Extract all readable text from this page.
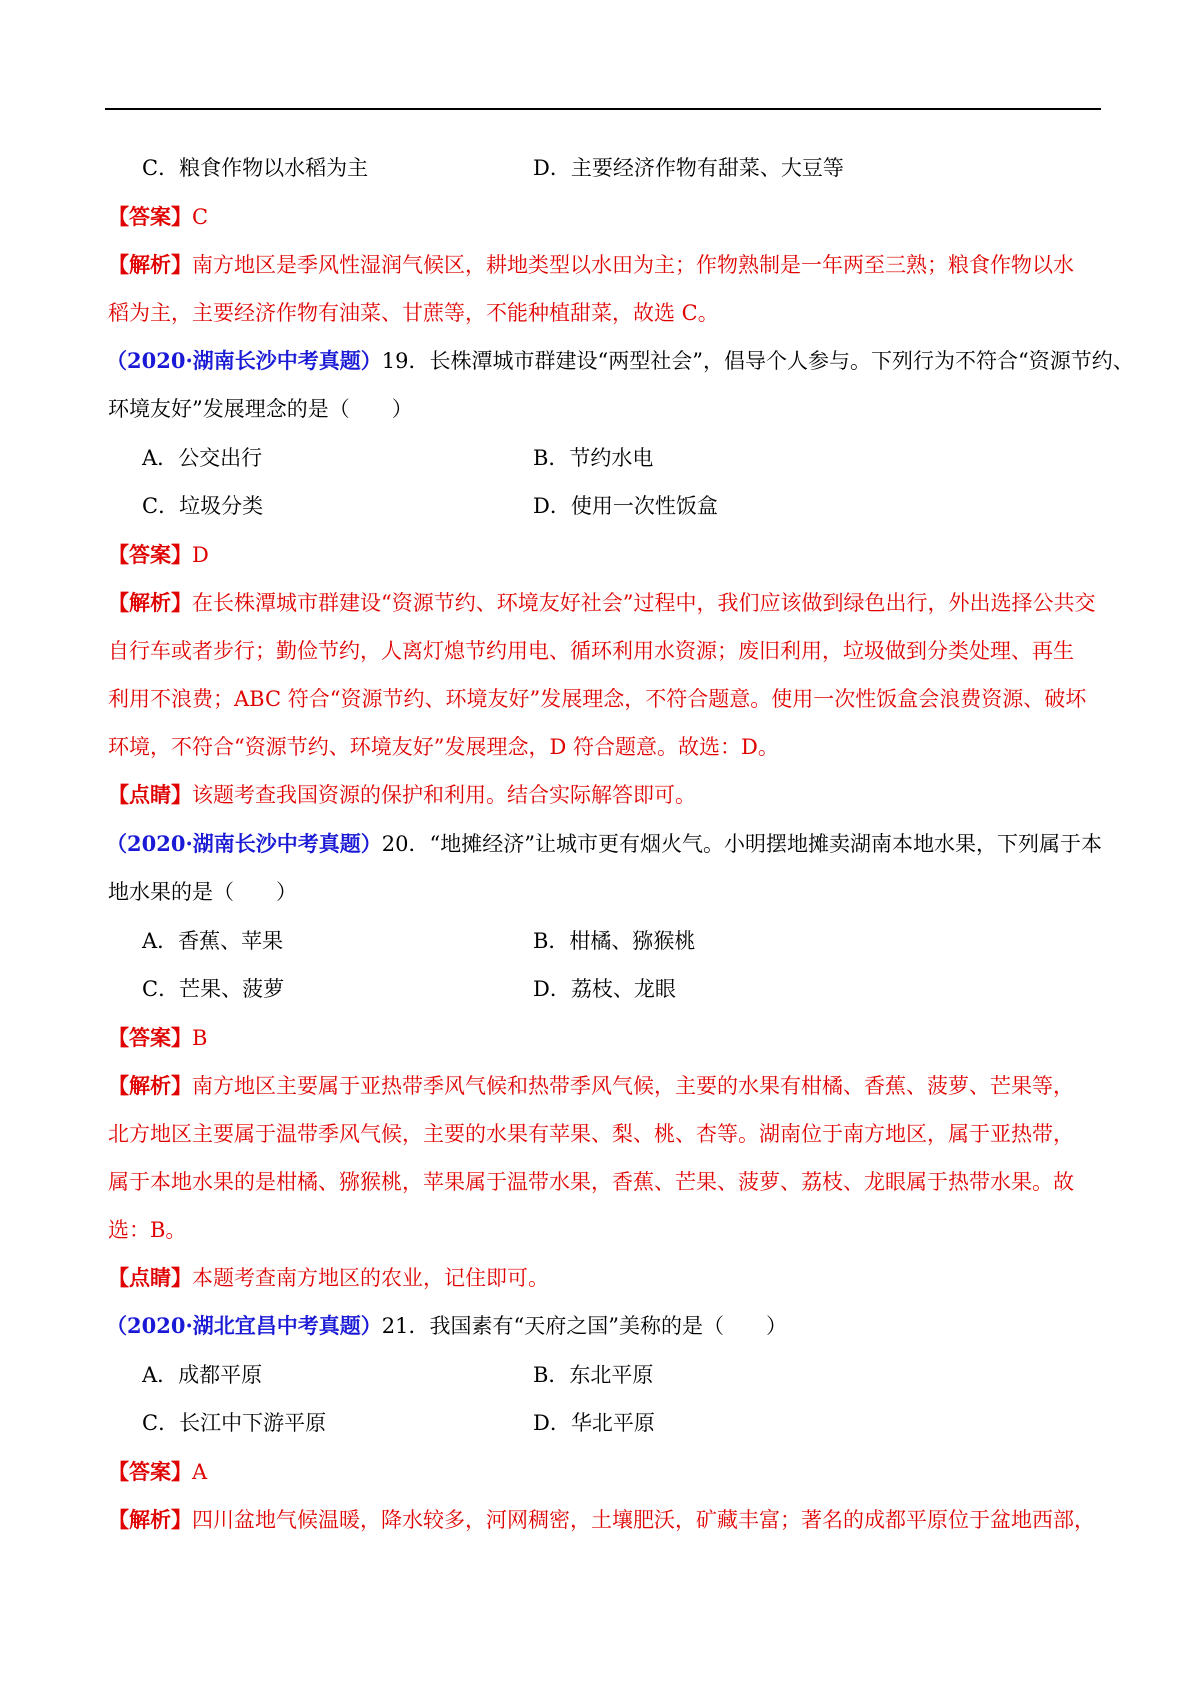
C．粮食作物以水稻为主	D．主要经济作物有甜菜、大豆等
【答案】C
【解析】南方地区是季风性湿润气候区，耕地类型以水田为主；作物熟制是一年两至三熟；粮食作物以水
稻为主，主要经济作物有油菜、甘蔗等，不能种植甜菜，故选 C。
（2020·湖南长沙中考真题）19．长株潭城市群建设“两型社会”，倡导个人参与。下列行为不符合“资源节约、
环境友好”发展理念的是（　　）
A．公交出行	B．节约水电
C．垃圾分类	D．使用一次性饭盒
【答案】D
【解析】在长株潭城市群建设“资源节约、环境友好社会”过程中，我们应该做到绿色出行，外出选择公共交
自行车或者步行；勤俭节约，人离灯熄节约用电、循环利用水资源；废旧利用，垃圾做到分类处理、再生
利用不浪费；ABC 符合“资源节约、环境友好”发展理念，不符合题意。使用一次性饭盒会浪费资源、破坏
环境，不符合“资源节约、环境友好”发展理念，D 符合题意。故选：D。
【点睛】该题考查我国资源的保护和利用。结合实际解答即可。
（2020·湖南长沙中考真题）20．“地摊经济”让城市更有烟火气。小明摆地摊卖湖南本地水果，下列属于本
地水果的是（　　）
A．香蕉、苹果	B．柑橘、猕猴桃
C．芒果、菠萝	D．荔枝、龙眼
【答案】B
【解析】南方地区主要属于亚热带季风气候和热带季风气候，主要的水果有柑橘、香蕉、菠萝、芒果等，
北方地区主要属于温带季风气候，主要的水果有苹果、梨、桃、杏等。湖南位于南方地区，属于亚热带，
属于本地水果的是柑橘、猕猴桃，苹果属于温带水果，香蕉、芒果、菠萝、荔枝、龙眼属于热带水果。故
选：B。
【点睛】本题考查南方地区的农业，记住即可。
（2020·湖北宜昌中考真题）21．我国素有“天府之国”美称的是（　　）
A．成都平原	B．东北平原
C．长江中下游平原	D．华北平原
【答案】A
【解析】四川盆地气候温暖，降水较多，河网稠密，土壤肥沃，矿藏丰富；著名的成都平原位于盆地西部，
